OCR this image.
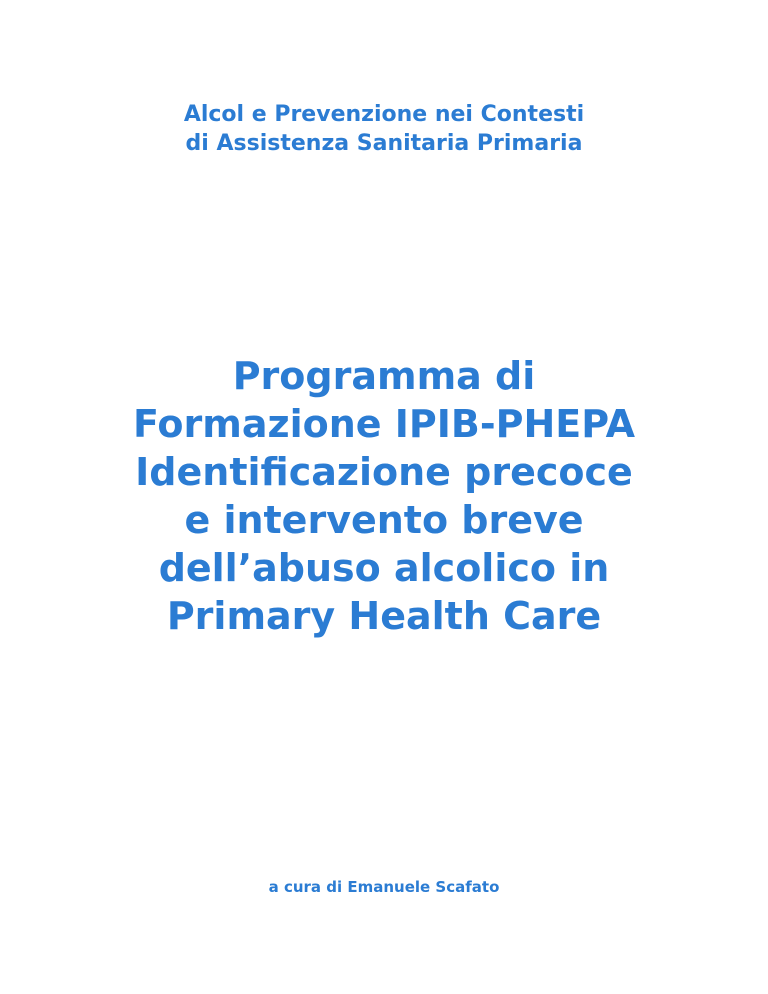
Alcol e Prevenzione nei Contesti
di Assistenza Sanitaria Primaria
Programma di
Formazione IPIB-PHEPA
Identificazione precoce
e intervento breve
dell’abuso alcolico in
Primary Health Care
a cura di Emanuele Scafato
